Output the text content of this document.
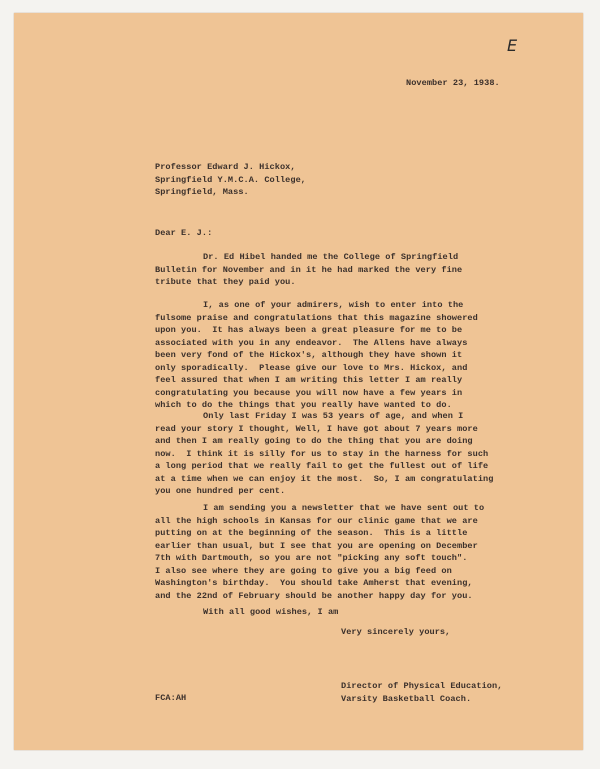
E

November 23, 1938.

Professor Edward J. Hickox,

Springfield Y.M.C.A. College,

Springfield, Mass.

Dear E. J.:

Dr. Ed Hibel handed me the College of Springfield

Bulletin for November and in it he had marked the very fine

tribute that they paid you.

I, as one of your admirers, wish to enter into the

fulsome praise and congratulations that this magazine showered

upon you.  It has always been a great pleasure for me to be

associated with you in any endeavor.  The Allens have always

been very fond of the Hickox's, although they have shown it

only sporadically.  Please give our love to Mrs. Hickox, and

feel assured that when I am writing this letter I am really

congratulating you because you will now have a few years in

which to do the things that you really have wanted to do.

Only last Friday I was 53 years of age, and when I

read your story I thought, Well, I have got about 7 years more

and then I am really going to do the thing that you are doing

now.  I think it is silly for us to stay in the harness for such

a long period that we really fail to get the fullest out of life

at a time when we can enjoy it the most.  So, I am congratulating

you one hundred per cent.

I am sending you a newsletter that we have sent out to

all the high schools in Kansas for our clinic game that we are

putting on at the beginning of the season.  This is a little

earlier than usual, but I see that you are opening on December

7th with Dartmouth, so you are not "picking any soft touch".

I also see where they are going to give you a big feed on

Washington's birthday.  You should take Amherst that evening,

and the 22nd of February should be another happy day for you.

With all good wishes, I am

Very sincerely yours,

Director of Physical Education,

Varsity Basketball Coach.

FCA:AH
